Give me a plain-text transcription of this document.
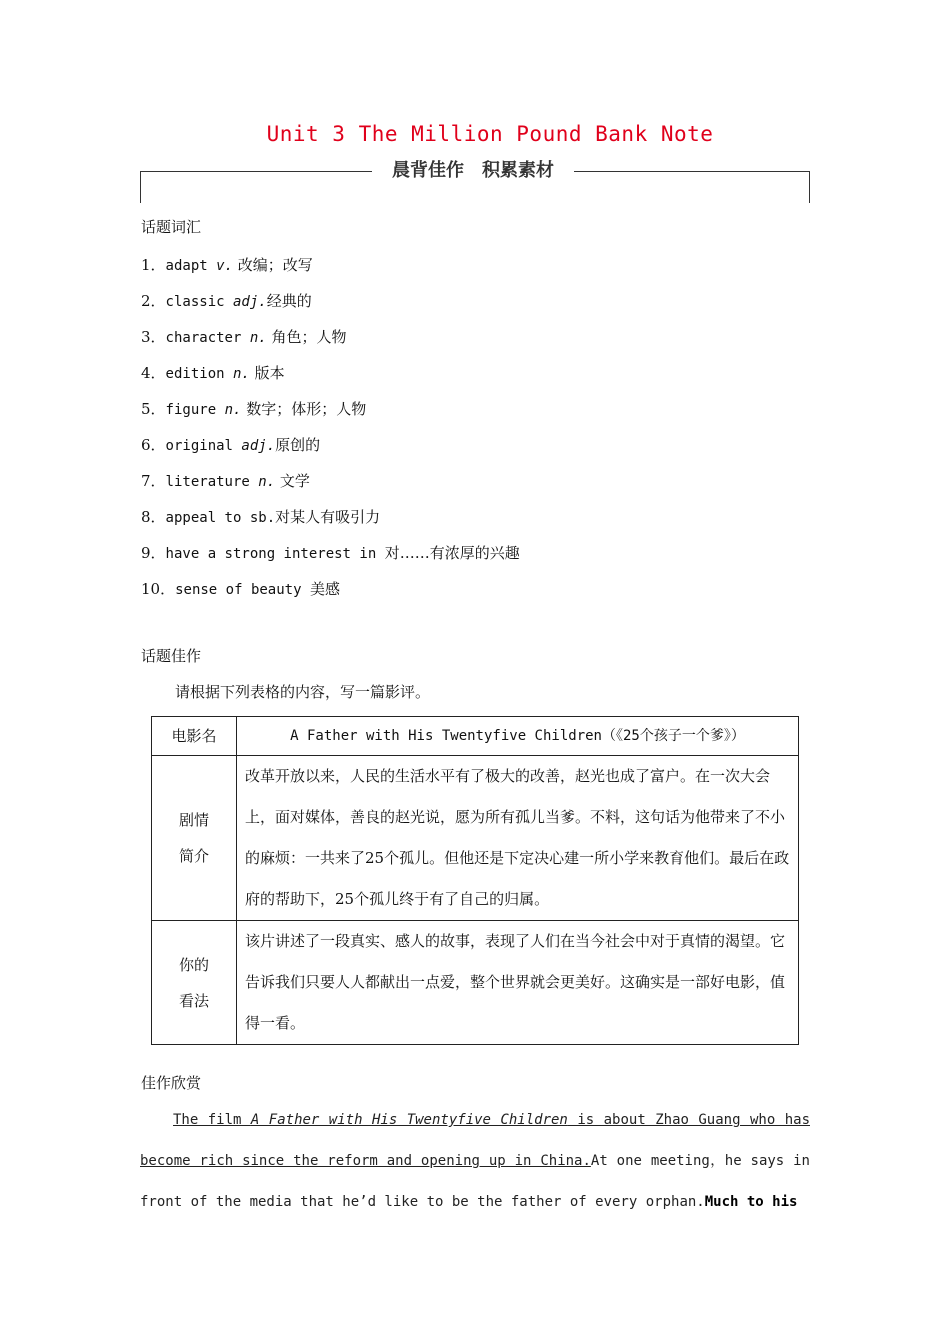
Unit 3 The Million Pound Bank Note
晨背佳作　积累素材
话题词汇
1．adapt v. 改编；改写
2．classic adj.经典的
3．character n. 角色；人物
4．edition n. 版本
5．figure n. 数字；体形；人物
6．original adj.原创的
7．literature n. 文学
8．appeal to sb.对某人有吸引力
9．have a strong interest in 对……有浓厚的兴趣
10．sense of beauty 美感
话题佳作
请根据下列表格的内容，写一篇影评。
电影名	A Father with His Twentyfive Children（《25个孩子一个爹》）
剧情
简介	改革开放以来，人民的生活水平有了极大的改善，赵光也成了富户。在一次大会上，面对媒体，善良的赵光说，愿为所有孤儿当爹。不料，这句话为他带来了不小的麻烦：一共来了25个孤儿。但他还是下定决心建一所小学来教育他们。最后在政府的帮助下，25个孤儿终于有了自己的归属。
你的
看法	该片讲述了一段真实、感人的故事，表现了人们在当今社会中对于真情的渴望。它告诉我们只要人人都献出一点爱，整个世界就会更美好。这确实是一部好电影，值得一看。
佳作欣赏
The film A Father with His Twentyfive Children is about Zhao Guang who has become rich since the reform and opening up in China.At one meeting，he says in front of the media that he’d like to be the father of every orphan.Much to his
